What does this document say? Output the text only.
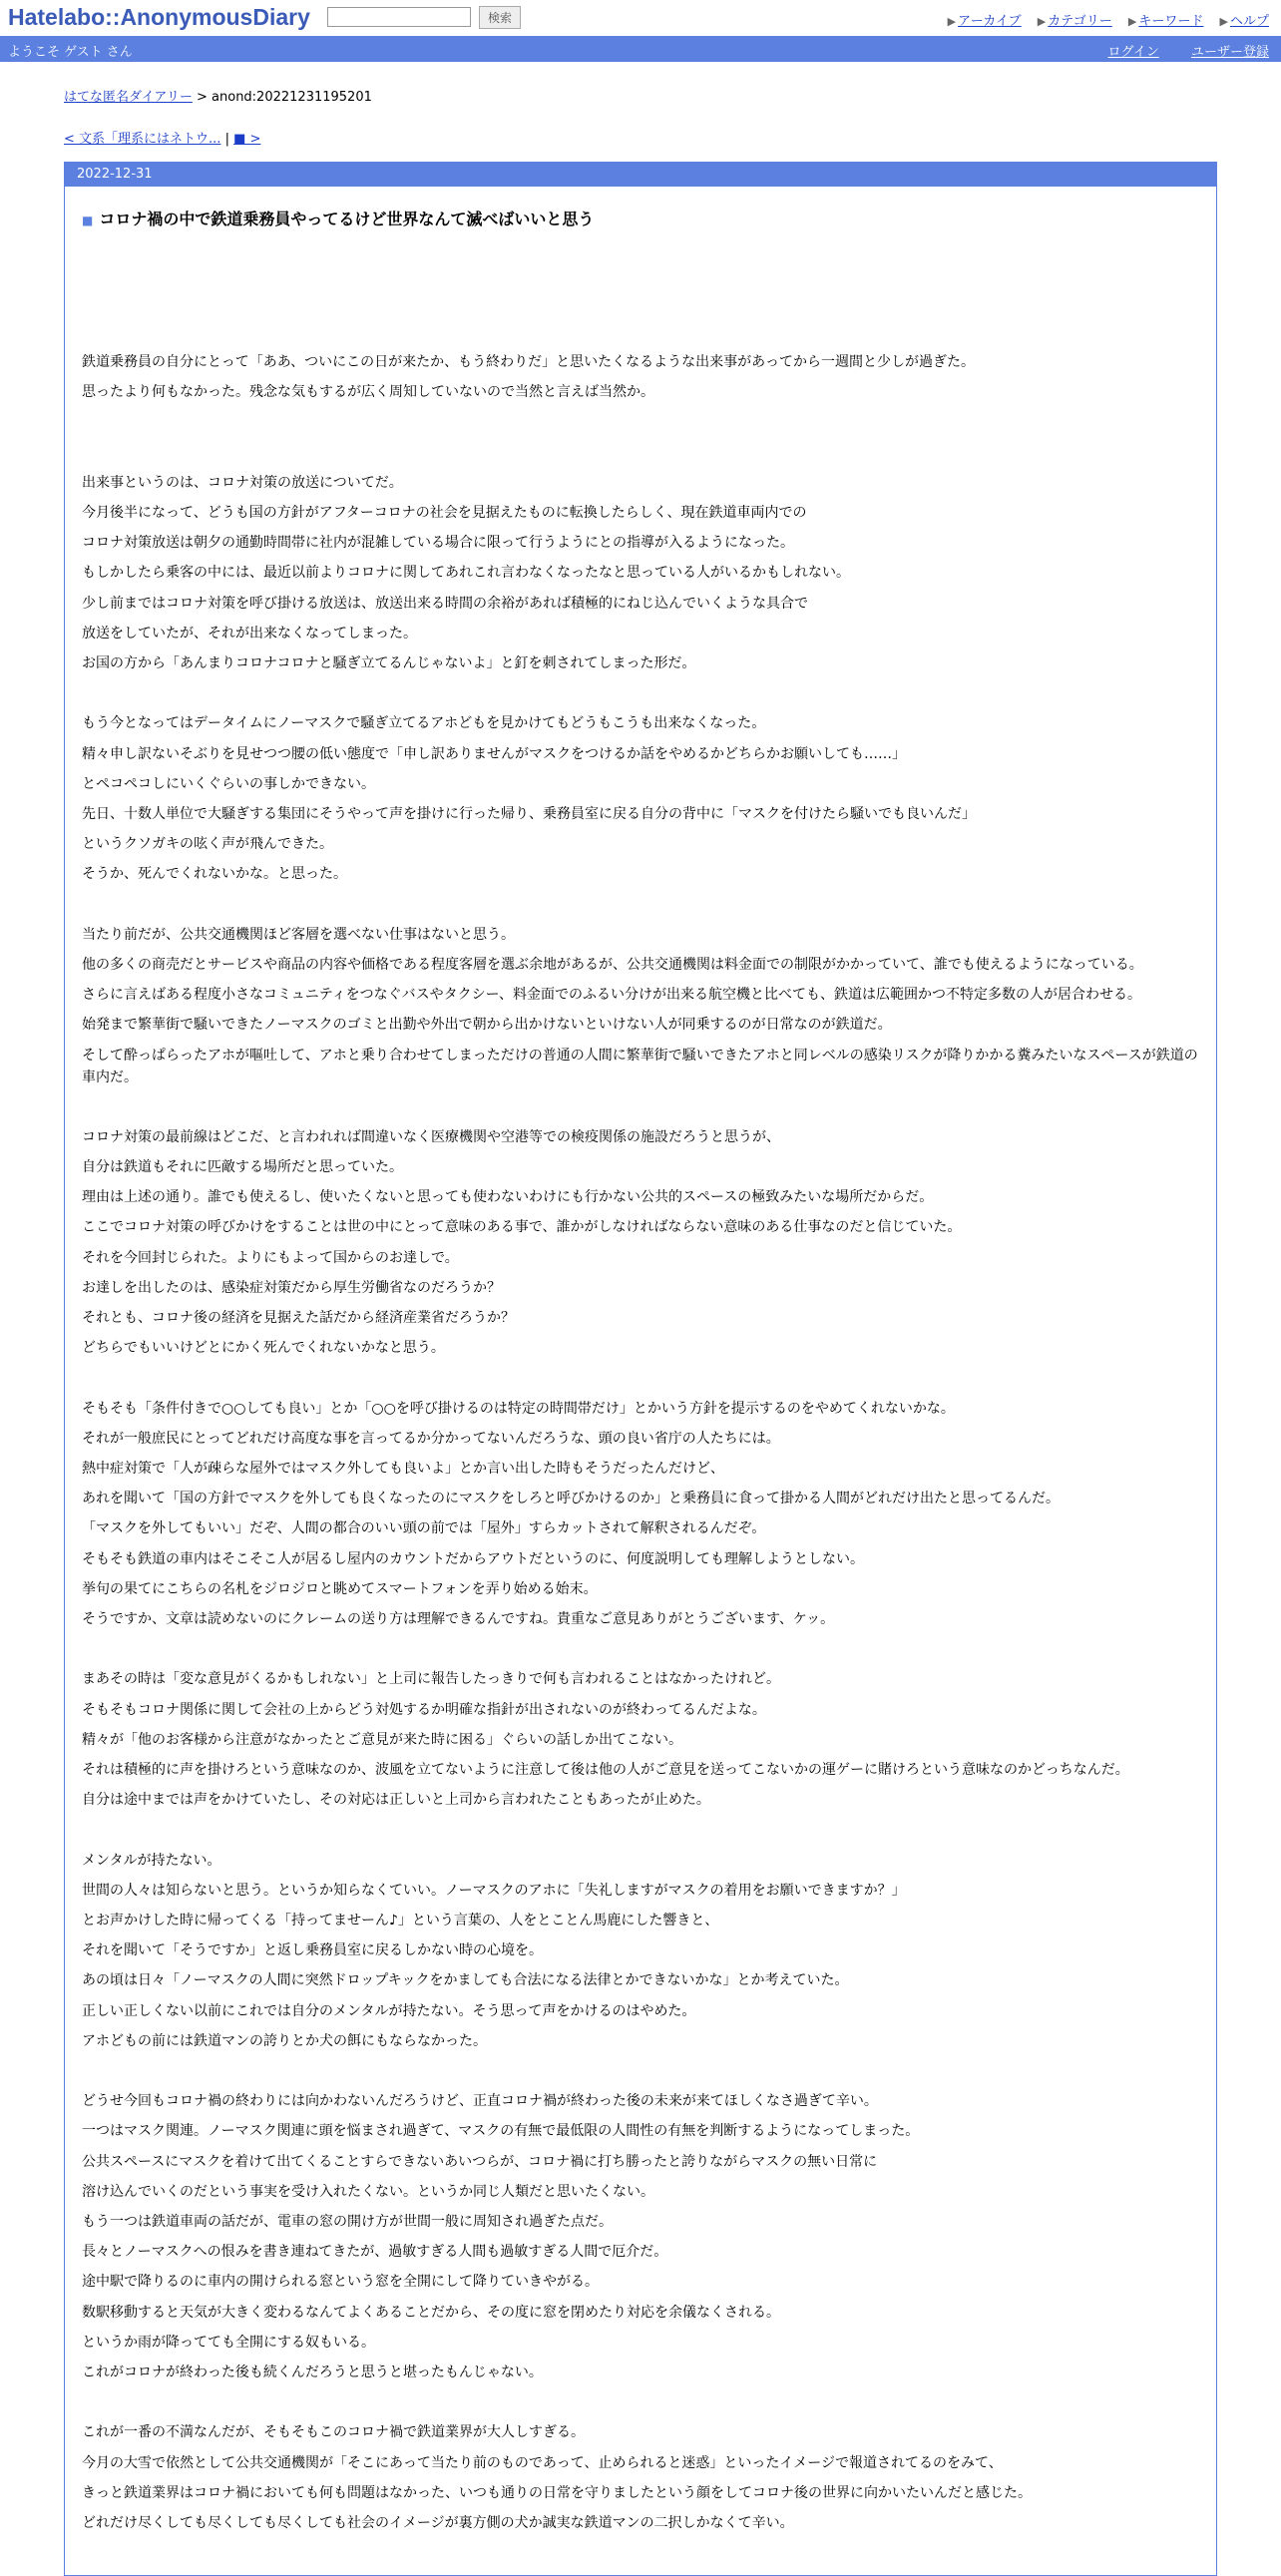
Hatelabo::AnonymousDiary	検索	▶ アーカイブ ▶ カテゴリー ▶ キーワード ▶ ヘルプ
ようこそ ゲスト さん	ログイン ユーザー登録
はてな匿名ダイアリー > anond:20221231195201
< 文系「理系にはネトウ... | ■ >
2022-12-31
■ コロナ禍の中で鉄道乗務員やってるけど世界なんて滅べばいいと思う

鉄道乗務員の自分にとって「ああ、ついにこの日が来たか、もう終わりだ」と思いたくなるような出来事があってから一週間と少しが過ぎた。

思ったより何もなかった。残念な気もするが広く周知していないので当然と言えば当然か。

出来事というのは、コロナ対策の放送についてだ。

今月後半になって、どうも国の方針がアフターコロナの社会を見据えたものに転換したらしく、現在鉄道車両内での

コロナ対策放送は朝夕の通勤時間帯に社内が混雑している場合に限って行うようにとの指導が入るようになった。

もしかしたら乗客の中には、最近以前よりコロナに関してあれこれ言わなくなったなと思っている人がいるかもしれない。

少し前まではコロナ対策を呼び掛ける放送は、放送出来る時間の余裕があれば積極的にねじ込んでいくような具合で

放送をしていたが、それが出来なくなってしまった。

お国の方から「あんまりコロナコロナと騒ぎ立てるんじゃないよ」と釘を刺されてしまった形だ。

もう今となってはデータイムにノーマスクで騒ぎ立てるアホどもを見かけてもどうもこうも出来なくなった。

精々申し訳ないそぶりを見せつつ腰の低い態度で「申し訳ありませんがマスクをつけるか話をやめるかどちらかお願いしても……」

とペコペコしにいくぐらいの事しかできない。

先日、十数人単位で大騒ぎする集団にそうやって声を掛けに行った帰り、乗務員室に戻る自分の背中に「マスクを付けたら騒いでも良いんだ」

というクソガキの呟く声が飛んできた。

そうか、死んでくれないかな。と思った。

当たり前だが、公共交通機関ほど客層を選べない仕事はないと思う。

他の多くの商売だとサービスや商品の内容や価格である程度客層を選ぶ余地があるが、公共交通機関は料金面での制限がかかっていて、誰でも使えるようになっている。

さらに言えばある程度小さなコミュニティをつなぐバスやタクシー、料金面でのふるい分けが出来る航空機と比べても、鉄道は広範囲かつ不特定多数の人が居合わせる。

始発まで繁華街で騒いできたノーマスクのゴミと出勤や外出で朝から出かけないといけない人が同乗するのが日常なのが鉄道だ。

そして酔っぱらったアホが嘔吐して、アホと乗り合わせてしまっただけの普通の人間に繁華街で騒いできたアホと同レベルの感染リスクが降りかかる糞みたいなスペースが鉄道の車内だ。

コロナ対策の最前線はどこだ、と言われれば間違いなく医療機関や空港等での検疫関係の施設だろうと思うが、

自分は鉄道もそれに匹敵する場所だと思っていた。

理由は上述の通り。誰でも使えるし、使いたくないと思っても使わないわけにも行かない公共的スペースの極致みたいな場所だからだ。

ここでコロナ対策の呼びかけをすることは世の中にとって意味のある事で、誰かがしなければならない意味のある仕事なのだと信じていた。

それを今回封じられた。よりにもよって国からのお達しで。

お達しを出したのは、感染症対策だから厚生労働省なのだろうか？

それとも、コロナ後の経済を見据えた話だから経済産業省だろうか？

どちらでもいいけどとにかく死んでくれないかなと思う。

そもそも「条件付きで○○しても良い」とか「○○を呼び掛けるのは特定の時間帯だけ」とかいう方針を提示するのをやめてくれないかな。

それが一般庶民にとってどれだけ高度な事を言ってるか分かってないんだろうな、頭の良い省庁の人たちには。

熱中症対策で「人が疎らな屋外ではマスク外しても良いよ」とか言い出した時もそうだったんだけど、

あれを聞いて「国の方針でマスクを外しても良くなったのにマスクをしろと呼びかけるのか」と乗務員に食って掛かる人間がどれだけ出たと思ってるんだ。

「マスクを外してもいい」だぞ、人間の都合のいい頭の前では「屋外」すらカットされて解釈されるんだぞ。

そもそも鉄道の車内はそこそこ人が居るし屋内のカウントだからアウトだというのに、何度説明しても理解しようとしない。

挙句の果てにこちらの名札をジロジロと眺めてスマートフォンを弄り始める始末。

そうですか、文章は読めないのにクレームの送り方は理解できるんですね。貴重なご意見ありがとうございます、ケッ。

まあその時は「変な意見がくるかもしれない」と上司に報告したっきりで何も言われることはなかったけれど。

そもそもコロナ関係に関して会社の上からどう対処するか明確な指針が出されないのが終わってるんだよな。

精々が「他のお客様から注意がなかったとご意見が来た時に困る」ぐらいの話しか出てこない。

それは積極的に声を掛けろという意味なのか、波風を立てないように注意して後は他の人がご意見を送ってこないかの運ゲーに賭けろという意味なのかどっちなんだ。

自分は途中までは声をかけていたし、その対応は正しいと上司から言われたこともあったが止めた。

メンタルが持たない。

世間の人々は知らないと思う。というか知らなくていい。ノーマスクのアホに「失礼しますがマスクの着用をお願いできますか？」

とお声かけした時に帰ってくる「持ってませーん♪」という言葉の、人をとことん馬鹿にした響きと、

それを聞いて「そうですか」と返し乗務員室に戻るしかない時の心境を。

あの頃は日々「ノーマスクの人間に突然ドロップキックをかましても合法になる法律とかできないかな」とか考えていた。

正しい正しくない以前にこれでは自分のメンタルが持たない。そう思って声をかけるのはやめた。

アホどもの前には鉄道マンの誇りとか犬の餌にもならなかった。

どうせ今回もコロナ禍の終わりには向かわないんだろうけど、正直コロナ禍が終わった後の未来が来てほしくなさ過ぎて辛い。

一つはマスク関連。ノーマスク関連に頭を悩まされ過ぎて、マスクの有無で最低限の人間性の有無を判断するようになってしまった。

公共スペースにマスクを着けて出てくることすらできないあいつらが、コロナ禍に打ち勝ったと誇りながらマスクの無い日常に

溶け込んでいくのだという事実を受け入れたくない。というか同じ人類だと思いたくない。

もう一つは鉄道車両の話だが、電車の窓の開け方が世間一般に周知され過ぎた点だ。

長々とノーマスクへの恨みを書き連ねてきたが、過敏すぎる人間も過敏すぎる人間で厄介だ。

途中駅で降りるのに車内の開けられる窓という窓を全開にして降りていきやがる。

数駅移動すると天気が大きく変わるなんてよくあることだから、その度に窓を閉めたり対応を余儀なくされる。

というか雨が降ってても全開にする奴もいる。

これがコロナが終わった後も続くんだろうと思うと堪ったもんじゃない。

これが一番の不満なんだが、そもそもこのコロナ禍で鉄道業界が大人しすぎる。

今月の大雪で依然として公共交通機関が「そこにあって当たり前のものであって、止められると迷惑」といったイメージで報道されてるのをみて、

きっと鉄道業界はコロナ禍においても何も問題はなかった、いつも通りの日常を守りましたという顔をしてコロナ後の世界に向かいたいんだと感じた。

どれだけ尽くしても尽くしても尽くしても社会のイメージが裏方側の犬か誠実な鉄道マンの二択しかなくて辛い。
